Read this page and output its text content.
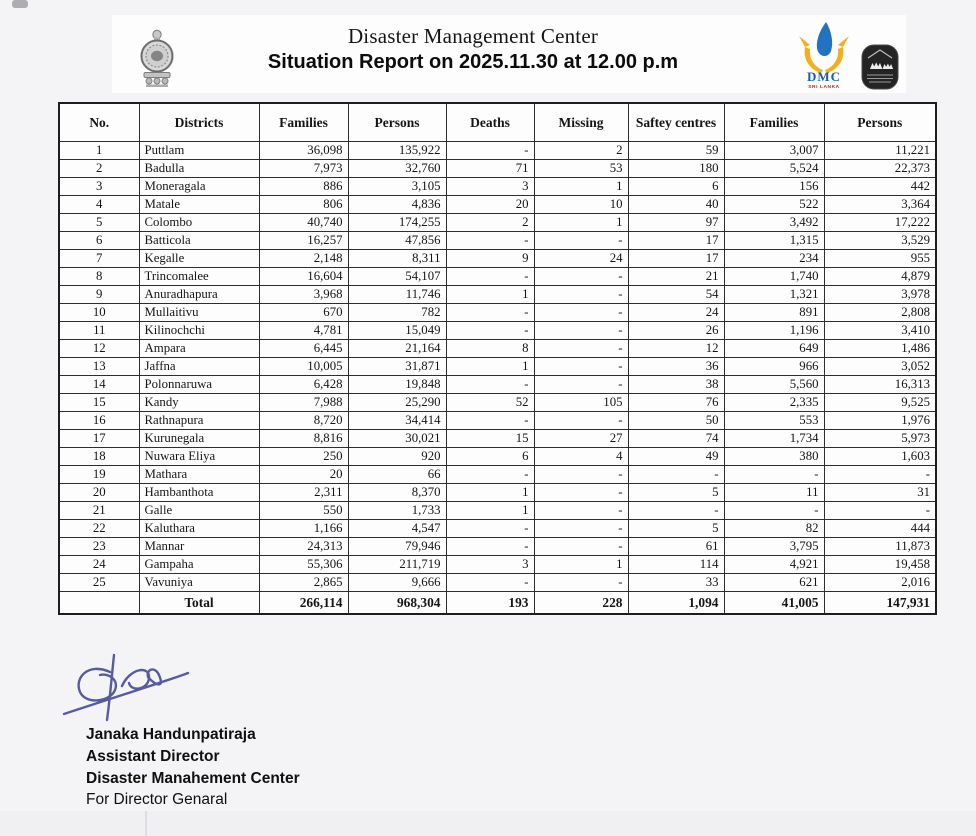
Disaster Management Center
Situation Report on 2025.11.30 at 12.00 p.m
DMC
SRI LANKA
No.	Districts	Families	Persons	Deaths	Missing	Saftey centres	Families	Persons
1	Puttlam	36,098	135,922	-	2	59	3,007	11,221
2	Badulla	7,973	32,760	71	53	180	5,524	22,373
3	Moneragala	886	3,105	3	1	6	156	442
4	Matale	806	4,836	20	10	40	522	3,364
5	Colombo	40,740	174,255	2	1	97	3,492	17,222
6	Batticola	16,257	47,856	-	-	17	1,315	3,529
7	Kegalle	2,148	8,311	9	24	17	234	955
8	Trincomalee	16,604	54,107	-	-	21	1,740	4,879
9	Anuradhapura	3,968	11,746	1	-	54	1,321	3,978
10	Mullaitivu	670	782	-	-	24	891	2,808
11	Kilinochchi	4,781	15,049	-	-	26	1,196	3,410
12	Ampara	6,445	21,164	8	-	12	649	1,486
13	Jaffna	10,005	31,871	1	-	36	966	3,052
14	Polonnaruwa	6,428	19,848	-	-	38	5,560	16,313
15	Kandy	7,988	25,290	52	105	76	2,335	9,525
16	Rathnapura	8,720	34,414	-	-	50	553	1,976
17	Kurunegala	8,816	30,021	15	27	74	1,734	5,973
18	Nuwara Eliya	250	920	6	4	49	380	1,603
19	Mathara	20	66	-	-	-	-	-
20	Hambanthota	2,311	8,370	1	-	5	11	31
21	Galle	550	1,733	1	-	-	-	-
22	Kaluthara	1,166	4,547	-	-	5	82	444
23	Mannar	24,313	79,946	-	-	61	3,795	11,873
24	Gampaha	55,306	211,719	3	1	114	4,921	19,458
25	Vavuniya	2,865	9,666	-	-	33	621	2,016
	Total	266,114	968,304	193	228	1,094	41,005	147,931
Janaka Handunpatiraja
Assistant Director
Disaster Manahement Center
For Director Genaral
